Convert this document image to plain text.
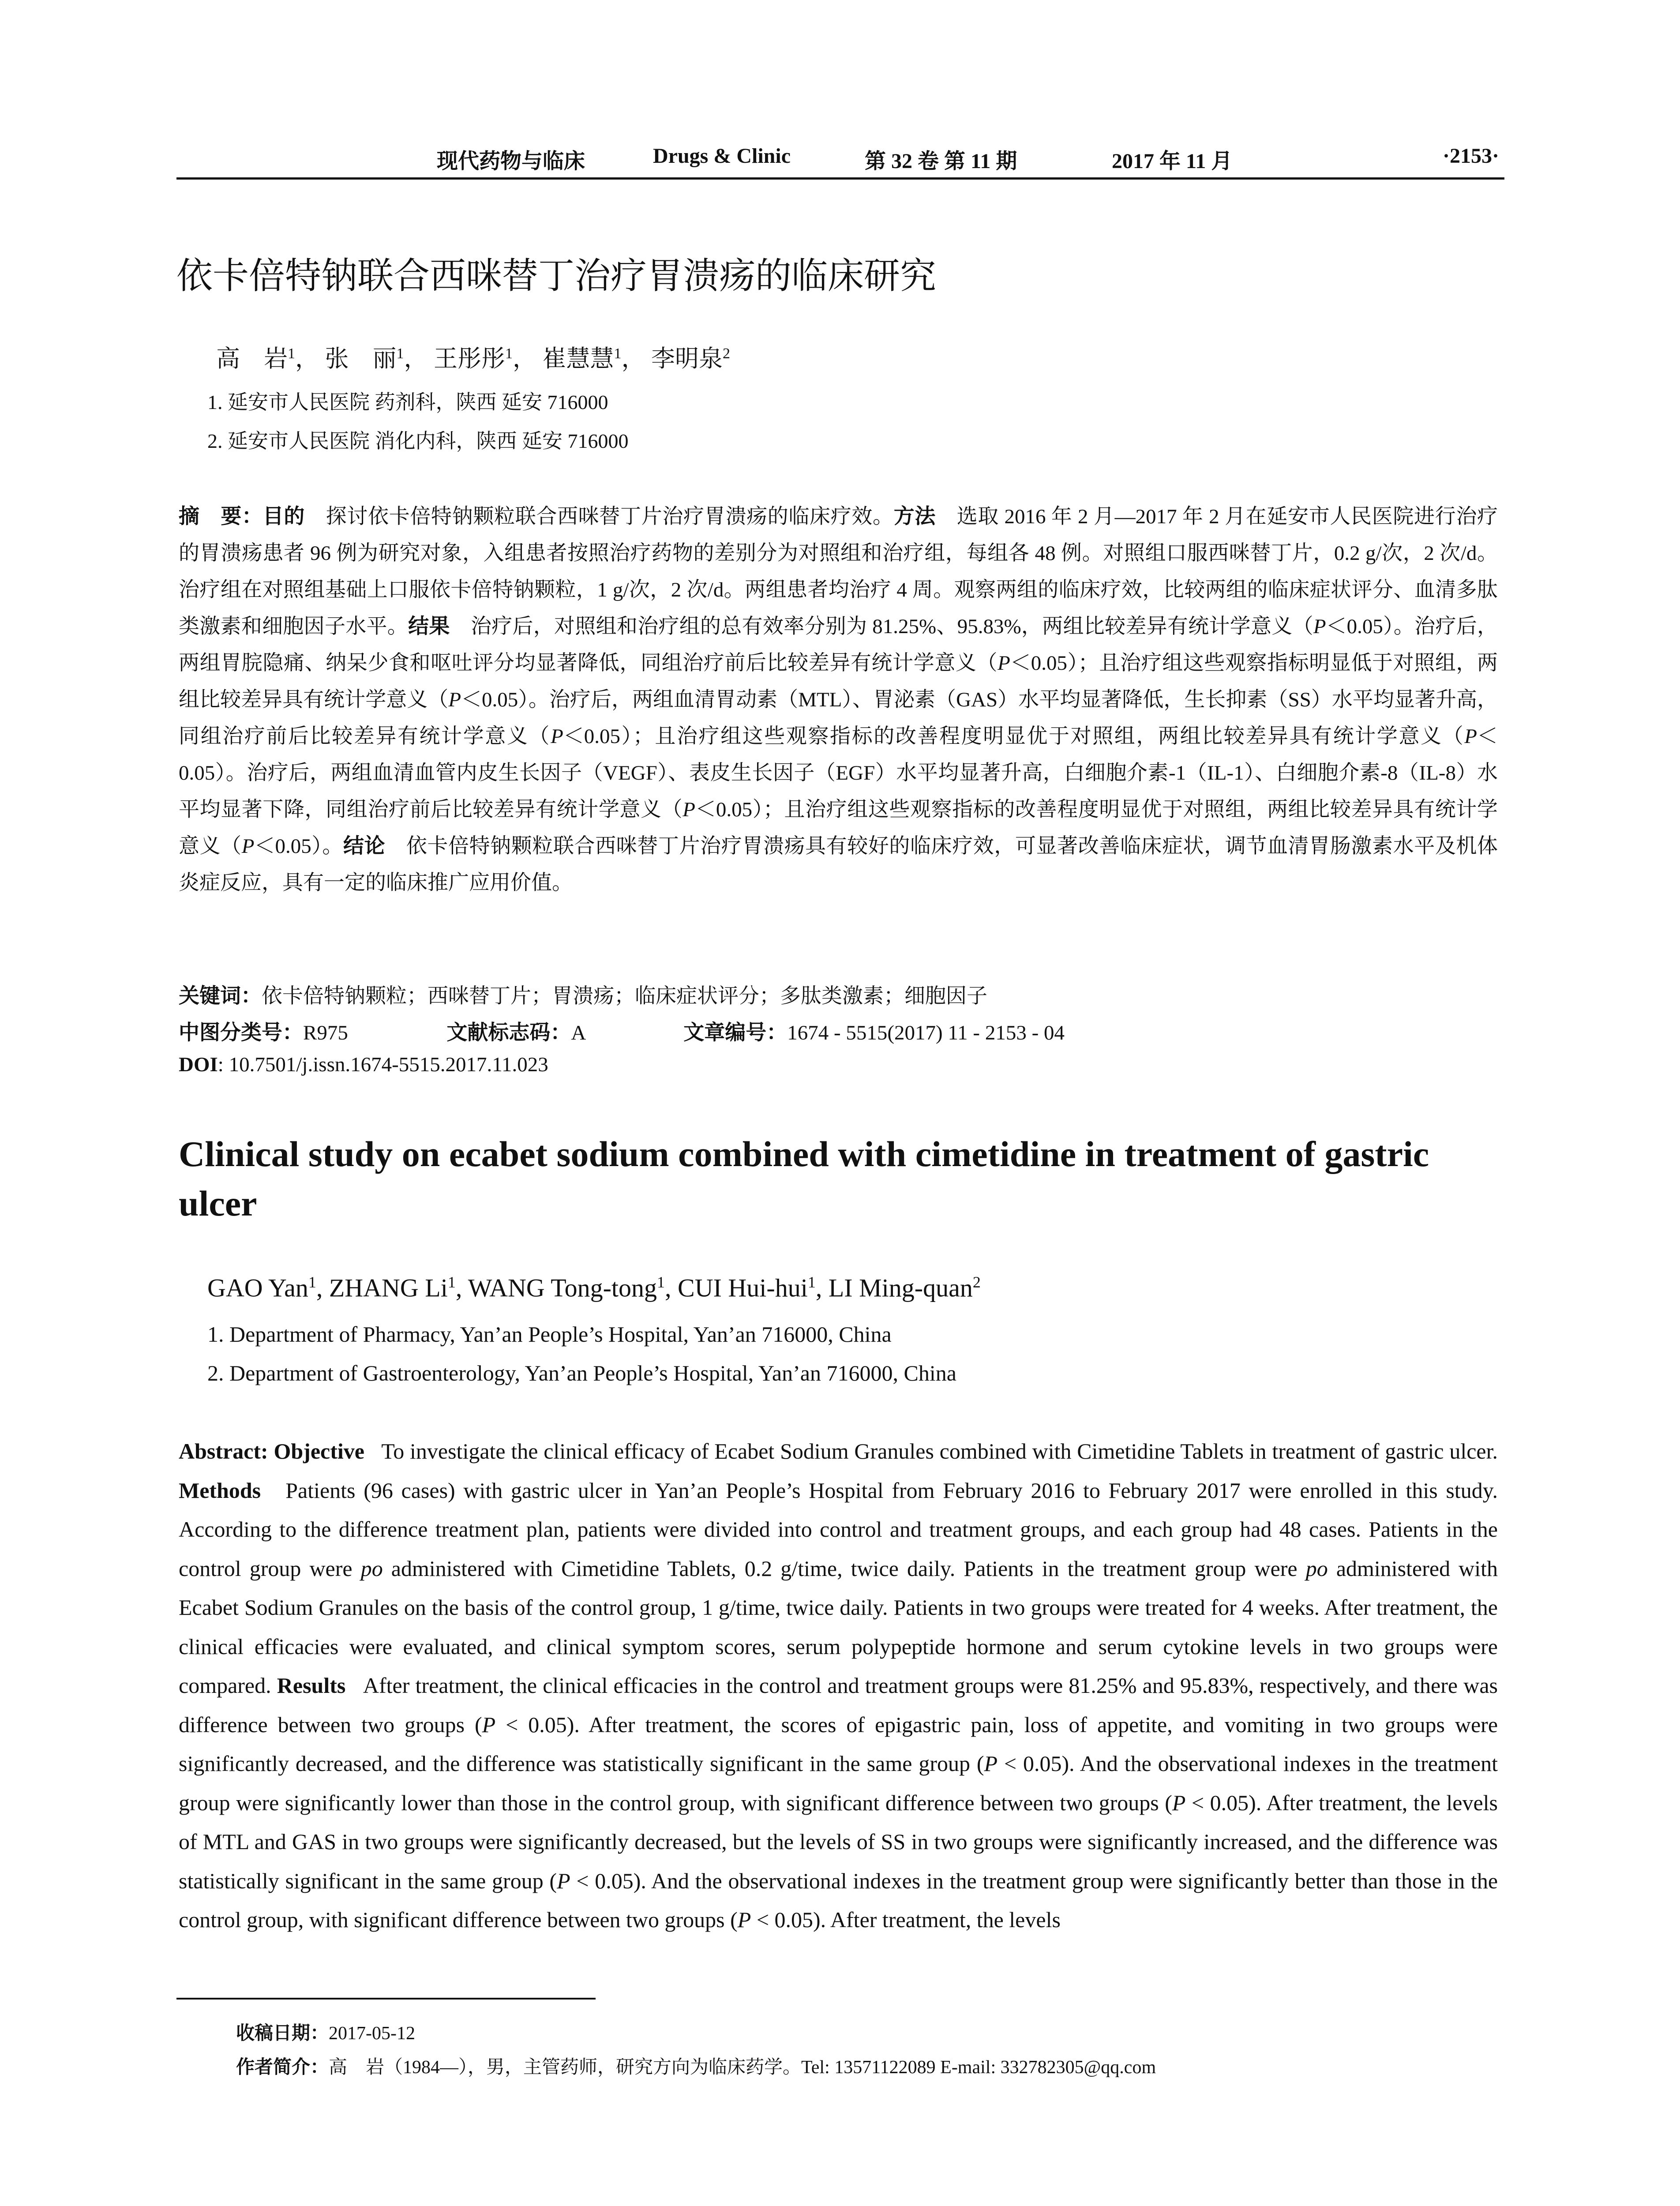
现代药物与临床	Drugs & Clinic	第 32 卷 第 11 期	2017 年 11 月	·2153·
依卡倍特钠联合西咪替丁治疗胃溃疡的临床研究
高　岩$^1$， 张　丽$^1$， 王彤彤$^1$， 崔慧慧$^1$， 李明泉$^2$
1. 延安市人民医院 药剂科，陕西 延安 716000
2. 延安市人民医院 消化内科，陕西 延安 716000
摘　要：目的　 探讨依卡倍特钠颗粒联合西咪替丁片治疗胃溃疡的临床疗效。方法　 选取 2016 年 2 月—2017 年 2 月在延安市人民医院进行治疗的胃溃疡患者 96 例为研究对象，入组患者按照治疗药物的差别分为对照组和治疗组，每组各 48 例。对照组口服西咪替丁片，0.2 g/次，2 次/d。治疗组在对照组基础上口服依卡倍特钠颗粒，1 g/次，2 次/d。两组患者均治疗 4 周。观察两组的临床疗效，比较两组的临床症状评分、血清多肽类激素和细胞因子水平。结果　 治疗后，对照组和治疗组的总有效率分别为 81.25%、95.83%，两组比较差异有统计学意义（P＜0.05）。治疗后，两组胃脘隐痛、纳呆少食和呕吐评分均显著降低，同组治疗前后比较差异有统计学意义（P＜0.05）；且治疗组这些观察指标明显低于对照组，两组比较差异具有统计学意义（P＜0.05）。治疗后，两组血清胃动素（MTL）、胃泌素（GAS）水平均显著降低，生长抑素（SS）水平均显著升高，同组治疗前后比较差异有统计学意义（P＜0.05）；且治疗组这些观察指标的改善程度明显优于对照组，两组比较差异具有统计学意义（P＜0.05）。治疗后，两组血清血管内皮生长因子（VEGF）、表皮生长因子（EGF）水平均显著升高，白细胞介素-1（IL-1）、白细胞介素-8（IL-8）水平均显著下降，同组治疗前后比较差异有统计学意义（P＜0.05）；且治疗组这些观察指标的改善程度明显优于对照组，两组比较差异具有统计学意义（P＜0.05）。结论　 依卡倍特钠颗粒联合西咪替丁片治疗胃溃疡具有较好的临床疗效，可显著改善临床症状，调节血清胃肠激素水平及机体炎症反应，具有一定的临床推广应用价值。
关键词：依卡倍特钠颗粒；西咪替丁片；胃溃疡；临床症状评分；多肽类激素；细胞因子
中图分类号：R975	文献标志码：A	文章编号：1674 - 5515(2017) 11 - 2153 - 04
DOI: 10.7501/j.issn.1674-5515.2017.11.023
Clinical study on ecabet sodium combined with cimetidine in treatment of gastric ulcer
GAO Yan$^1$, ZHANG Li$^1$, WANG Tong-tong$^1$, CUI Hui-hui$^1$, LI Ming-quan$^2$
1. Department of Pharmacy, Yan’an People’s Hospital, Yan’an 716000, China
2. Department of Gastroenterology, Yan’an People’s Hospital, Yan’an 716000, China
Abstract: Objective To investigate the clinical efficacy of Ecabet Sodium Granules combined with Cimetidine Tablets in treatment of gastric ulcer. Methods Patients (96 cases) with gastric ulcer in Yan’an People’s Hospital from February 2016 to February 2017 were enrolled in this study. According to the difference treatment plan, patients were divided into control and treatment groups, and each group had 48 cases. Patients in the control group were po administered with Cimetidine Tablets, 0.2 g/time, twice daily. Patients in the treatment group were po administered with Ecabet Sodium Granules on the basis of the control group, 1 g/time, twice daily. Patients in two groups were treated for 4 weeks. After treatment, the clinical efficacies were evaluated, and clinical symptom scores, serum polypeptide hormone and serum cytokine levels in two groups were compared. Results After treatment, the clinical efficacies in the control and treatment groups were 81.25% and 95.83%, respectively, and there was difference between two groups (P < 0.05). After treatment, the scores of epigastric pain, loss of appetite, and vomiting in two groups were significantly decreased, and the difference was statistically significant in the same group (P < 0.05). And the observational indexes in the treatment group were significantly lower than those in the control group, with significant difference between two groups (P < 0.05). After treatment, the levels of MTL and GAS in two groups were significantly decreased, but the levels of SS in two groups were significantly increased, and the difference was statistically significant in the same group (P < 0.05). And the observational indexes in the treatment group were significantly better than those in the control group, with significant difference between two groups (P < 0.05). After treatment, the levels
收稿日期：2017-05-12
作者简介：高　岩（1984—），男，主管药师，研究方向为临床药学。Tel: 13571122089 E-mail: 332782305@qq.com
